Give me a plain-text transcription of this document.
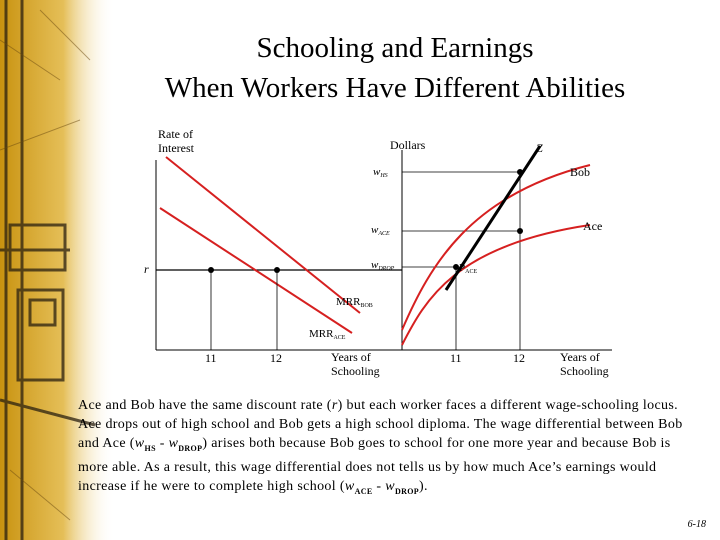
Schooling and Earnings
When Workers Have Different Abilities
Rate of
Interest
r
11	12	Years of
Schooling
$MRR_{BOB}$
$MRR_{ACE}$
Dollars	Z
Bob
Ace
$w_{HS}$
$w_{ACE}$
$w_{DROP}$	$P_{ACE}$
11	12	Years of
Schooling
Ace and Bob have the same discount rate (r) but each worker faces a different wage-schooling locus. Ace drops out of high school and Bob gets a high school diploma. The wage differential between Bob and Ace $(w_{HS} - w_{DROP})$ arises both because Bob goes to school for one more year and because Bob is more able. As a result, this wage differential does not tells us by how much Ace’s earnings would increase if he were to complete high school $(w_{ACE} - w_{DROP})$.
6-18
